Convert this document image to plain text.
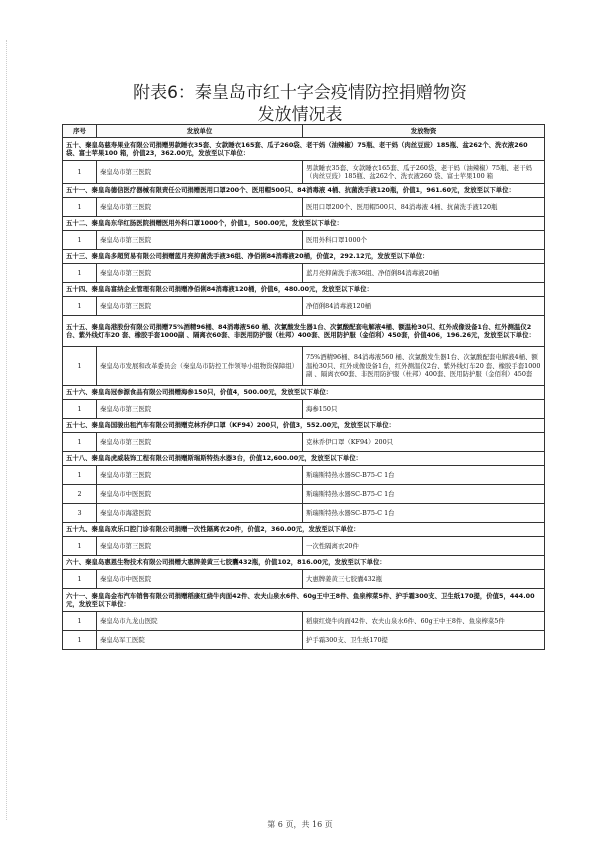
附表6：秦皇岛市红十字会疫情防控捐赠物资
发放情况表
序号	发放单位	发放物资
五十、秦皇岛慈寿果业有限公司捐赠男款睡衣35套、女款睡衣165套、瓜子260袋、老干妈（油辣椒）75瓶、老干妈（肉丝豆豉）185瓶、盆262个、洗衣液260 袋、富士苹果100 箱，价值23，362.00元，发放至以下单位：		
1	秦皇岛市第三医院	男款睡衣35套、女款睡衣165套、瓜子260袋、老干妈（油辣椒）75瓶、老干妈（肉丝豆豉）185瓶、盆262个、洗衣液260 袋、富士苹果100 箱
五十一、秦皇岛德信医疗器械有限责任公司捐赠医用口罩200个、医用帽500只、84消毒液 4桶、抗菌洗手液120瓶，价值1，961.60元，发放至以下单位：		
1	秦皇岛市第三医院	医用口罩200个、医用帽500只、84消毒液 4桶、抗菌洗手液120瓶
五十二、秦皇岛东华红肠医院捐赠医用外科口罩1000个，价值1，500.00元，发放至以下单位：		
1	秦皇岛市第三医院	医用外科口罩1000个
五十三、秦皇岛多超贸易有限公司捐赠蓝月亮抑菌洗手液36组、净佰俐84消毒液20桶，价值2，292.12元，发放至以下单位：		
1	秦皇岛市第三医院	蓝月亮抑菌洗手液36组、净佰俐84消毒液20桶
五十四、秦皇岛富纳企业管理有限公司捐赠净佰俐84消毒液120桶，价值6，480.00元，发放至以下单位：		
1	秦皇岛市第三医院	净佰俐84消毒液120桶
五十五、秦皇岛港股份有限公司捐赠75%酒精96桶、84消毒液560 桶、次氯酸发生器1台、次氯酸配套电解液4桶、额温枪30只、红外成像设备1台、红外测温仪2台、紫外线灯车20 套、橡胶手套1000副 、隔离衣60套、非医用防护服（杜邦）400套、医用防护服（金佰利）450套，价值406，196.26元，发放至以下单位：		
1	秦皇岛市发展和改革委员会（秦皇岛市防控工作领导小组物资保障组）	75%酒精96桶、84消毒液560 桶、次氯酸发生器1台、次氯酸配套电解液4桶、额温枪30只、红外成像设备1台，红外测温仪2台、紫外线灯车20 套、橡胶手套1000副 、隔离衣60套、非医用防护服（杜邦）400套、医用防护服（金佰利）450套
五十六、秦皇岛冠参源食品有限公司捐赠海参150只，价值4，500.00元，发放至以下单位：		
1	秦皇岛市第三医院	海参150只
五十七、秦皇岛国骏出租汽车有限公司捐赠克林乔伊口罩（KF94）200只，价值3，552.00元，发放至以下单位：		
1	秦皇岛市第三医院	克林乔伊口罩（KF94）200只
五十八、秦皇岛虎威装饰工程有限公司捐赠斯瑞斯特热水器3台，价值12,600.00元，发放至以下单位：		
1	秦皇岛市第三医院	斯瑞斯特热水器SC-B75-C 1台
2	秦皇岛市中医医院	斯瑞斯特热水器SC-B75-C 1台
3	秦皇岛市海港医院	斯瑞斯特热水器SC-B75-C 1台
五十九、秦皇岛欢乐口腔门诊有限公司捐赠一次性隔离衣20件，价值2，360.00元，发放至以下单位：		
1	秦皇岛市第三医院	一次性隔离衣20件
六十、秦皇岛惠恩生物技术有限公司捐赠大惠牌姜黄三七胶囊432瓶，价值102，816.00元，发放至以下单位：		
1	秦皇岛市中医医院	大惠牌姜黄三七胶囊432瓶
六十一、秦皇岛金布汽车销售有限公司捐赠稻康红烧牛肉面42件、农夫山泉水6件、60g王中王8件、鱼泉榨菜5件、护手霜300支、卫生纸170提，价值5，444.00 元，发放至以下单位：		
1	秦皇岛市九龙山医院	稻康红烧牛肉面42件、农夫山泉水6件、60g王中王8件、鱼泉榨菜5件
1	秦皇岛军工医院	护手霜300支、卫生纸170提
第 6 页，共 16 页
